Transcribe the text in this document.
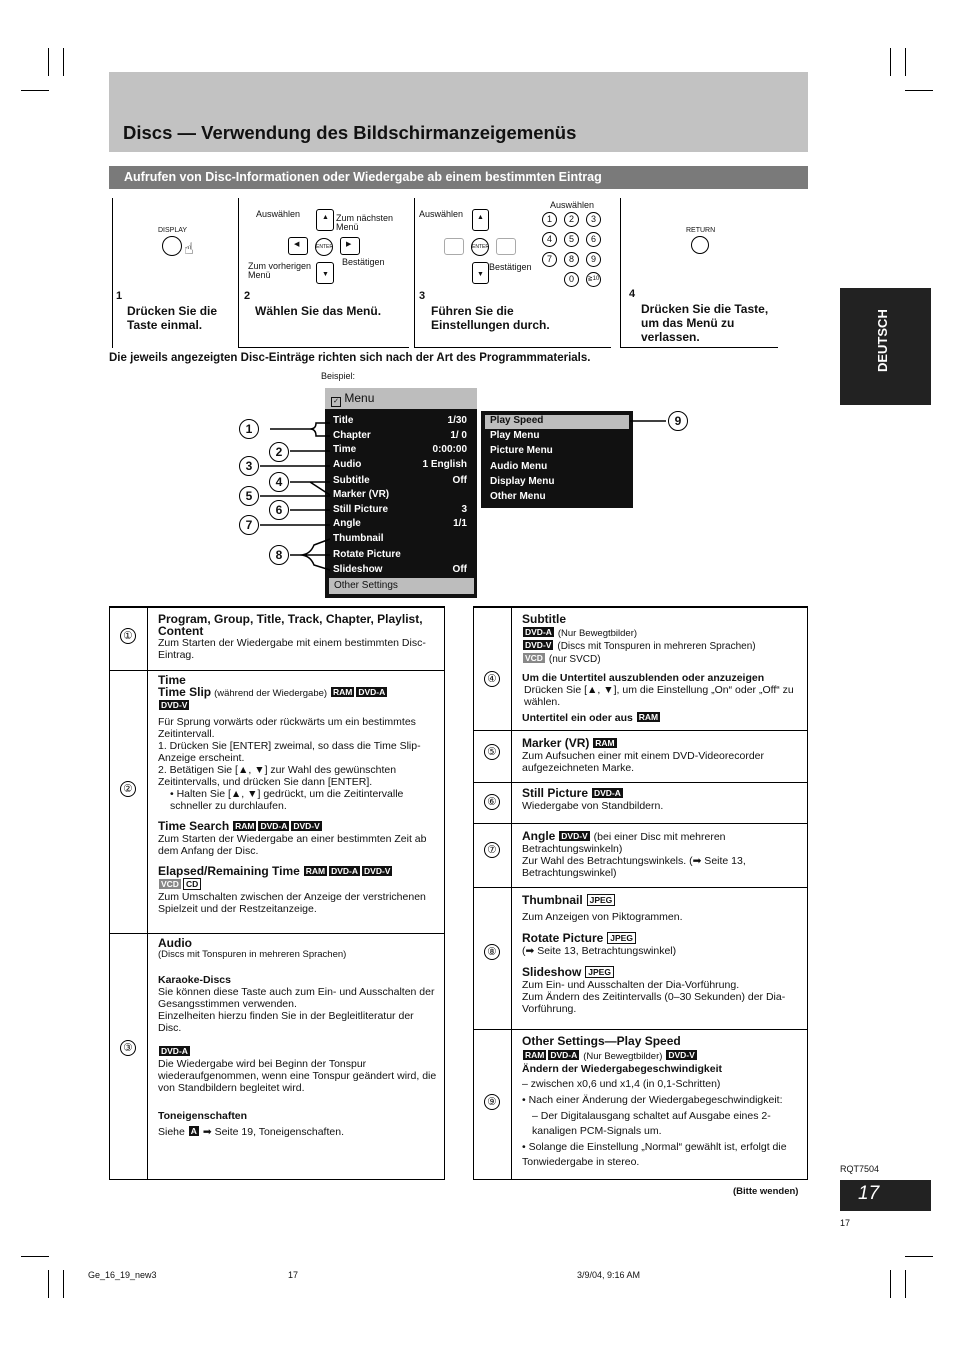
Discs — Verwendung des Bildschirmanzeigemenüs
Aufrufen von Disc-Informationen oder Wiedergabe ab einem bestimmten Eintrag
DEUTSCH
DISPLAY
☝
1
Drücken Sie die Taste einmal.
Auswählen	Zum nächsten Menü
▲
◀	ENTER ▶
▼
Zum vorherigen Menü
Bestätigen
2
Wählen Sie das Menü.
Auswählen
Auswählen
▲
ENTER
▼
Bestätigen
1	2	3
4	5	6
7	8	9
0	≧10
3
Führen Sie die Einstellungen durch.
RETURN
4
Drücken Sie die Taste, um das Menü zu verlassen.
Die jeweils angezeigten Disc-Einträge richten sich nach der Art des Programmmaterials.
Beispiel:
✓ Menu
Title	1/30
Chapter	1/ 0
Time	0:00:00
Audio	1 English
Subtitle	Off
Marker (VR)
Still Picture	3
Angle	1/1
Thumbnail
Rotate Picture
Slideshow	Off
Other Settings
Play Speed
Play Menu
Picture Menu
Audio Menu
Display Menu
Other Menu
1
2
3
4
5
6
7
8
9
①
Program, Group, Title, Track, Chapter, Playlist, Content
Zum Starten der Wiedergabe mit einem bestimmten Disc-Eintrag.
②
Time
Time Slip (während der Wiedergabe) RAM DVD-A
DVD-V
Für Sprung vorwärts oder rückwärts um ein bestimmtes Zeitintervall.
1. Drücken Sie [ENTER] zweimal, so dass die Time Slip-Anzeige erscheint.
2. Betätigen Sie [▲, ▼] zur Wahl des gewünschten Zeitintervalls, und drücken Sie dann [ENTER].
• Halten Sie [▲, ▼] gedrückt, um die Zeitintervalle schneller zu durchlaufen.
Time Search RAM DVD-A DVD-V
Zum Starten der Wiedergabe an einer bestimmten Zeit ab dem Anfang der Disc.
Elapsed/Remaining Time RAM DVD-A DVD-V
VCD CD
Zum Umschalten zwischen der Anzeige der verstrichenen Spielzeit und der Restzeitanzeige.
③
Audio
(Discs mit Tonspuren in mehreren Sprachen)
Karaoke-Discs
Sie können diese Taste auch zum Ein- und Ausschalten der Gesangsstimmen verwenden.
Einzelheiten hierzu finden Sie in der Begleitliteratur der Disc.
DVD-A
Die Wiedergabe wird bei Beginn der Tonspur wiederaufgenommen, wenn eine Tonspur geändert wird, die von Standbildern begleitet wird.
Toneigenschaften
Siehe A ➡ Seite 19, Toneigenschaften.
④
Subtitle
DVD-A (Nur Bewegtbilder)
DVD-V (Discs mit Tonspuren in mehreren Sprachen)
VCD (nur SVCD)
Um die Untertitel auszublenden oder anzuzeigen
Drücken Sie [▲, ▼], um die Einstellung „On“ oder „Off“ zu wählen.
Untertitel ein oder aus RAM
⑤
Marker (VR) RAM
Zum Aufsuchen einer mit einem DVD-Videorecorder aufgezeichneten Marke.
⑥
Still Picture DVD-A
Wiedergabe von Standbildern.
⑦
Angle DVD-V (bei einer Disc mit mehreren Betrachtungswinkeln)
Zur Wahl des Betrachtungswinkels. (➡ Seite 13, Betrachtungswinkel)
⑧
Thumbnail JPEG
Zum Anzeigen von Piktogrammen.
Rotate Picture JPEG
(➡ Seite 13, Betrachtungswinkel)
Slideshow JPEG
Zum Ein- und Ausschalten der Dia-Vorführung.
Zum Ändern des Zeitintervalls (0–30 Sekunden) der Dia-Vorführung.
⑨
Other Settings—Play Speed
RAM DVD-A (Nur Bewegtbilder) DVD-V
Ändern der Wiedergabegeschwindigkeit
– zwischen x0,6 und x1,4 (in 0,1-Schritten)
• Nach einer Änderung der Wiedergabegeschwindigkeit:
– Der Digitalausgang schaltet auf Ausgabe eines 2-kanaligen PCM-Signals um.
• Solange die Einstellung „Normal“ gewählt ist, erfolgt die Tonwiedergabe in stereo.
RQT7504
17
17
(Bitte wenden)
Ge_16_19_new3	17	3/9/04, 9:16 AM
